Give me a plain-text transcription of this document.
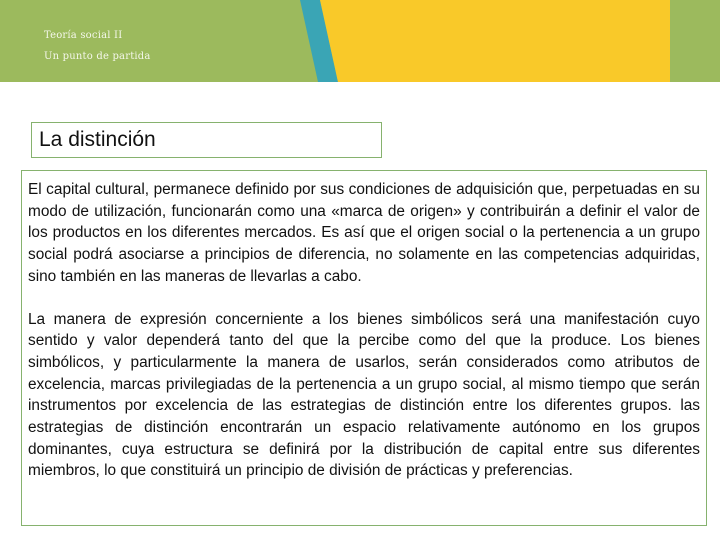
Teoría social II
Un punto de partida
La distinción

El capital cultural, permanece definido por sus condiciones de adquisición que, perpetuadas en su modo de utilización, funcionarán como una «marca de origen» y contribuirán a definir el valor de los productos en los diferentes mercados. Es así que el origen social o la pertenencia a un grupo social podrá asociarse a principios de diferencia, no solamente en las competencias adquiridas, sino también en las maneras de llevarlas a cabo.

La manera de expresión concerniente a los bienes simbólicos será una manifestación cuyo sentido y valor dependerá tanto del que la percibe como del que la produce. Los bienes simbólicos, y particularmente la manera de usarlos, serán considerados como atributos de excelencia, marcas privilegiadas de la pertenencia a un grupo social, al mismo tiempo que serán instrumentos por excelencia de las estrategias de distinción entre los diferentes grupos. las estrategias de distinción encontrarán un espacio relativamente autónomo en los grupos dominantes, cuya estructura se definirá por la distribución de capital entre sus diferentes miembros, lo que constituirá un principio de división de prácticas y preferencias.
